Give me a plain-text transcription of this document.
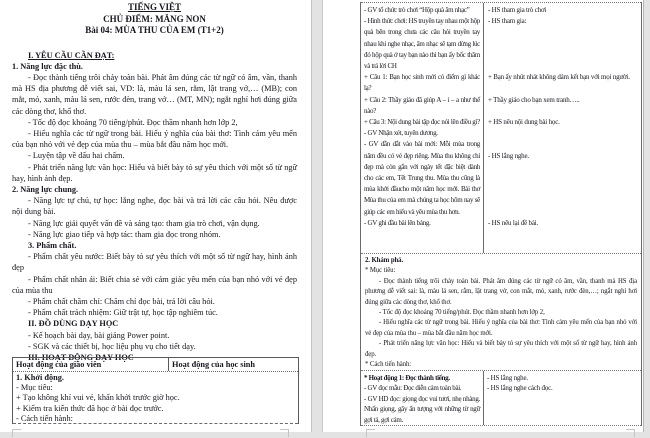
TIẾNG VIỆT
CHỦ ĐIỂM: MĂNG NON
Bài 04: MÙA THU CỦA EM (T1+2)

I. YÊU CẦU CẦN ĐẠT:

1. Năng lực đặc thù.

- Đọc thành tiếng trôi chảy toàn bài. Phát âm đúng các từ ngữ có âm, vần, thanh mà HS địa phương dễ viết sai, VD: là, màu lá sen, rằm, lật trang vở,… (MB); con mắt, mỏ, xanh, màu lá sen, rước đèn, trang vở… (MT, MN); ngắt nghỉ hơi đúng giữa các dòng thơ, khổ thơ.

- Tốc độ đọc khoảng 70 tiếng/phút. Đọc thầm nhanh hơn lớp 2,

- Hiểu nghĩa các từ ngữ trong bài. Hiểu ý nghĩa của bài thơ: Tình cảm yêu mến của bạn nhỏ với vẻ đẹp của mùa thu – mùa bắt đầu năm học mới.

- Luyện tập về dấu hai chấm.

- Phát triển năng lực văn học: Hiểu và biết bày tỏ sự yêu thích với một số từ ngữ hay, hình ảnh đẹp.

2. Năng lực chung.

- Năng lực tự chủ, tự học: lắng nghe, đọc bài và trả lời các câu hỏi. Nêu được nội dung bài.

- Năng lực giải quyết vấn đề và sáng tạo: tham gia trò chơi, vận dụng.

- Năng lực giao tiếp và hợp tác: tham gia đọc trong nhóm.

3. Phẩm chất.

- Phẩm chất yêu nước: Biết bày tỏ sự yêu thích với một số từ ngữ hay, hình ảnh đẹp

- Phẩm chất nhân ái: Biết chia sẻ với cảm giác yêu mến của bạn nhỏ với vẻ đẹp của mùa thu

- Phẩm chất chăm chỉ: Chăm chỉ đọc bài, trả lời câu hỏi.

- Phẩm chất trách nhiệm: Giữ trật tự, học tập nghiêm túc.

II. ĐỒ DÙNG DẠY HỌC

- Kế hoạch bài dạy, bài giảng Power point.

- SGK và các thiết bị, học liệu phụ vụ cho tiết dạy.

III. HOẠT ĐỘNG DẠY HỌC

Hoạt động của giáo viên	Hoạt động của học sinh

1. Khởi động.

- Mục tiêu:

+ Tạo không khí vui vẻ, khấn khởi trước giờ học.

+ Kiểm tra kiến thức đã học ở bài đọc trước.

- Cách tiến hành:

- GV tổ chức trò chơi “Hộp quà âm nhạc”

- Hình thức chơi: HS truyền tay nhau một hộp quà bên trong chưa các câu hỏi truyền tay nhau khi nghe nhạc, âm nhạc sẽ tạm dừng lúc đó hộp quà ở tay bạn nào thì bạn ấy bốc thăm và trả lời CH

+ Câu 1: Bạn học sinh mới có điểm gì khác lạ?

+ Câu 2: Thầy giáo đã giúp A – i – a như thế nào?

+ Câu 3: Nội dung bài tập đọc nói lên điều gì?

- GV Nhận xét, tuyên dương.

- GV dẫn dắt vào bài mới: Mỗi mùa trong năm đều có vẻ đẹp riêng. Mùa thu không chỉ đẹp mà còn gắn với ngày tết đặc biệt dành cho các em, Tết Trung thu. Mùa thu cũng là mùa khởi đầucho một năm học mới. Bài thơ Mùa thu của em mà chúng ta học hôm nay sẽ giúp các em hiểu và yêu mùa thu hơn.

- GV ghi đầu bài lên bảng.

- HS tham gia trò chơi

- HS tham gia:

+ Bạn ấy nhút nhát không dám kết bạn với mọi người.

+ Thầy giáo cho bạn xem tranh…..

+ HS nêu nội dung bài học.

- HS lắng nghe.

- HS nêu lại đề bài.

2. Khám phá.

* Mục tiêu:

- Đọc thành tiếng trôi chảy toàn bài. Phát âm đúng các từ ngữ có âm, vần, thanh mà HS địa phương dễ viết sai: là, màu lá sen, rằm, lật trang vở, con mắt, mỏ, xanh, rước đèn,…; ngắt nghỉ hơi đúng giữa các dòng thơ, khổ thơ.

- Tốc độ đọc khoảng 70 tiếng/phút. Đọc thầm nhanh hơn lớp 2,

- Hiểu nghĩa các từ ngữ trong bài. Hiểu ý nghĩa của bài thơ: Tình cảm yêu mến của bạn nhỏ với vẻ đẹp của mùa thu – mùa bắt đầu năm học mới.

- Phát triển năng lực văn học: Hiểu và biết bày tỏ sự yêu thích với một số từ ngữ hay, hình ảnh đẹp.

* Cách tiến hành:

* Hoạt động 1: Đọc thành tiếng.

- GV đọc mẫu: Đọc diễn cảm toàn bài.

- GV HD đọc: giọng đọc vui tươi, nhẹ nhàng. Nhấn giọng, gây ấn tượng với những từ ngữ gợi tả, gợi cảm.

- HS lắng nghe.

- HS lắng nghe cách đọc.
